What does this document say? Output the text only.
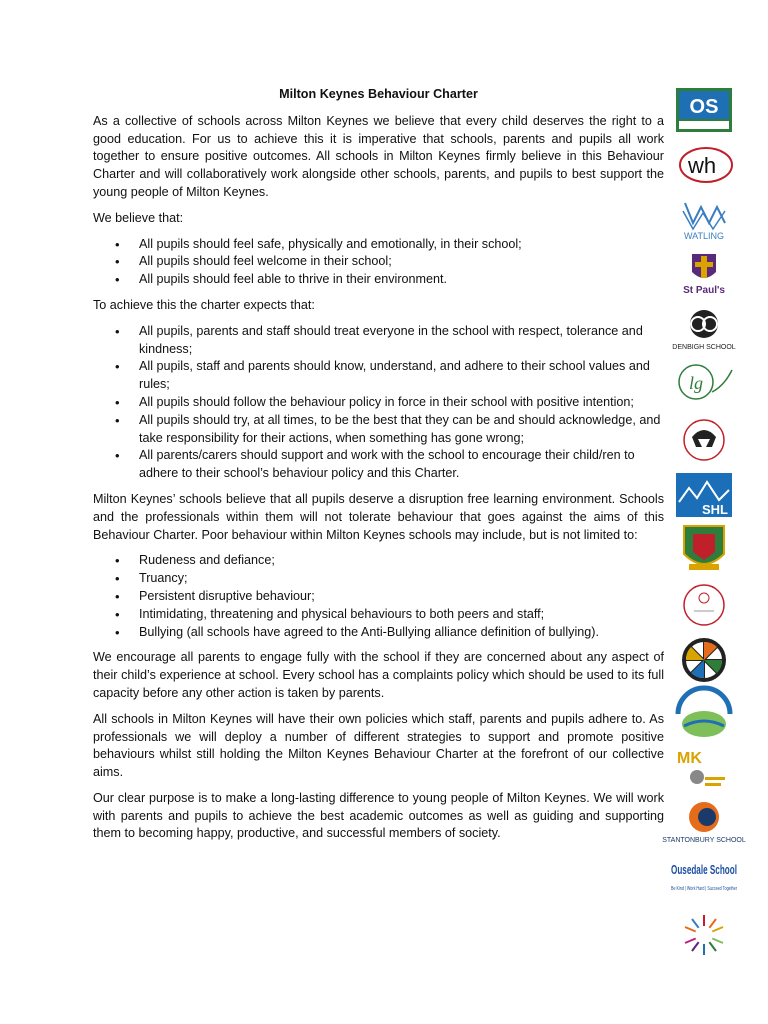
Milton Keynes Behaviour Charter

As a collective of schools across Milton Keynes we believe that every child deserves the right to a good education. For us to achieve this it is imperative that schools, parents and pupils all work together to ensure positive outcomes. All schools in Milton Keynes firmly believe in this Behaviour Charter and will collaboratively work alongside other schools, parents, and pupils to best support the young people of Milton Keynes.

We believe that:

• All pupils should feel safe, physically and emotionally, in their school;
• All pupils should feel welcome in their school;
• All pupils should feel able to thrive in their environment.

To achieve this the charter expects that:

• All pupils, parents and staff should treat everyone in the school with respect, tolerance and kindness;
• All pupils, staff and parents should know, understand, and adhere to their school values and rules;
• All pupils should follow the behaviour policy in force in their school with positive intention;
• All pupils should try, at all times, to be the best that they can be and should acknowledge, and take responsibility for their actions, when something has gone wrong;
• All parents/carers should support and work with the school to encourage their child/ren to adhere to their school’s behaviour policy and this Charter.

Milton Keynes’ schools believe that all pupils deserve a disruption free learning environment. Schools and the professionals within them will not tolerate behaviour that goes against the aims of this Behaviour Charter. Poor behaviour within Milton Keynes schools may include, but is not limited to:

• Rudeness and defiance;
• Truancy;
• Persistent disruptive behaviour;
• Intimidating, threatening and physical behaviours to both peers and staff;
• Bullying (all schools have agreed to the Anti-Bullying alliance definition of bullying).

We encourage all parents to engage fully with the school if they are concerned about any aspect of their child’s experience at school. Every school has a complaints policy which should be used to its full capacity before any other action is taken by parents.

All schools in Milton Keynes will have their own policies which staff, parents and pupils adhere to. As professionals we will deploy a number of different strategies to support and promote positive behaviours whilst still holding the Milton Keynes Behaviour Charter at the forefront of our collective aims.

Our clear purpose is to make a long-lasting difference to young people of Milton Keynes. We will work with parents and pupils to achieve the best academic outcomes as well as guiding and supporting them to becoming happy, productive, and successful members of society.

OS
wh
WATLING
St Paul's
DENBIGH SCHOOL
lg
SHL
MK
STANTONBURY SCHOOL
Ousedale School
Be Kind | Work Hard | Succeed Together
